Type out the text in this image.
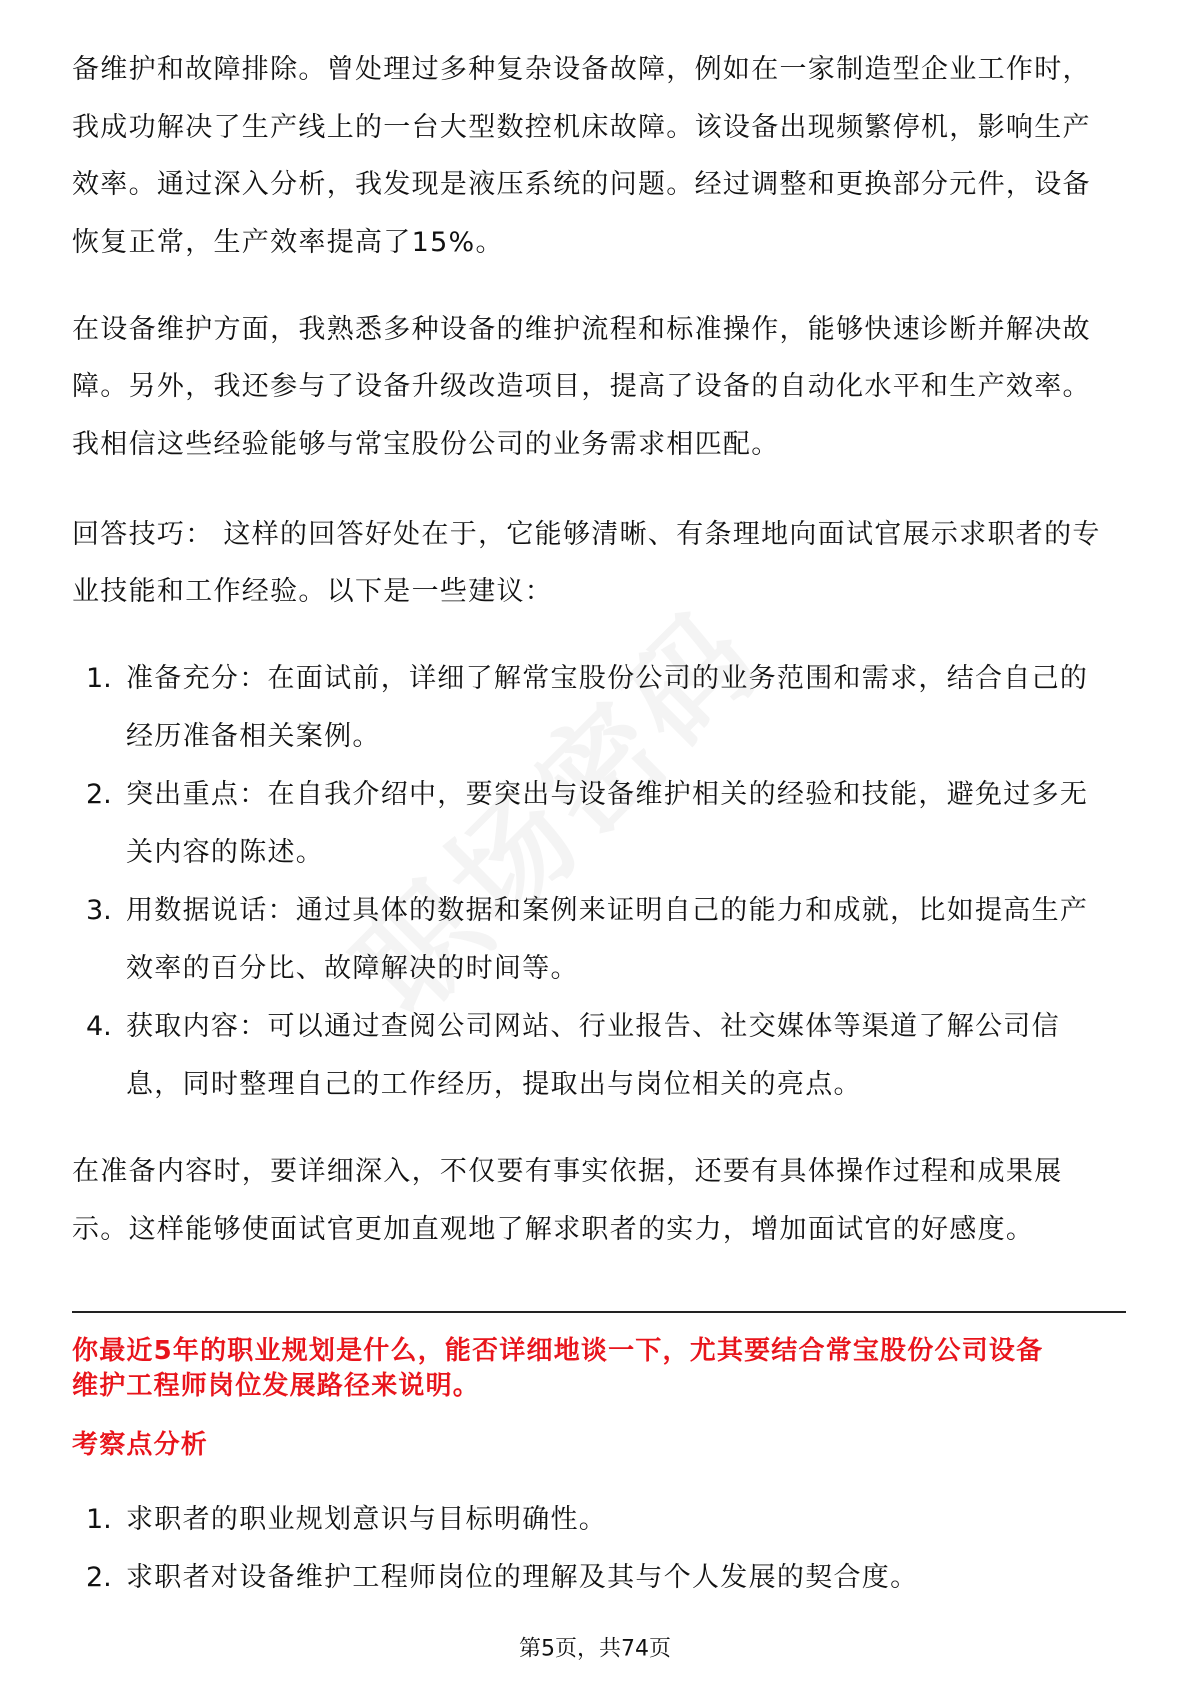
备维护和故障排除。曾处理过多种复杂设备故障，例如在一家制造型企业工作时，
我成功解决了生产线上的一台大型数控机床故障。该设备出现频繁停机，影响生产
效率。通过深入分析，我发现是液压系统的问题。经过调整和更换部分元件，设备
恢复正常，生产效率提高了15%。
在设备维护方面，我熟悉多种设备的维护流程和标准操作，能够快速诊断并解决故
障。另外，我还参与了设备升级改造项目，提高了设备的自动化水平和生产效率。
我相信这些经验能够与常宝股份公司的业务需求相匹配。
回答技巧： 这样的回答好处在于，它能够清晰、有条理地向面试官展示求职者的专
业技能和工作经验。以下是一些建议：
1. 准备充分：在面试前，详细了解常宝股份公司的业务范围和需求，结合自己的
经历准备相关案例。
2. 突出重点：在自我介绍中，要突出与设备维护相关的经验和技能，避免过多无
关内容的陈述。
3. 用数据说话：通过具体的数据和案例来证明自己的能力和成就，比如提高生产
效率的百分比、故障解决的时间等。
4. 获取内容：可以通过查阅公司网站、行业报告、社交媒体等渠道了解公司信
息，同时整理自己的工作经历，提取出与岗位相关的亮点。
在准备内容时，要详细深入，不仅要有事实依据，还要有具体操作过程和成果展
示。这样能够使面试官更加直观地了解求职者的实力，增加面试官的好感度。
你最近5年的职业规划是什么，能否详细地谈一下，尤其要结合常宝股份公司设备
维护工程师岗位发展路径来说明。
考察点分析
1. 求职者的职业规划意识与目标明确性。
2. 求职者对设备维护工程师岗位的理解及其与个人发展的契合度。
第5页，共74页
